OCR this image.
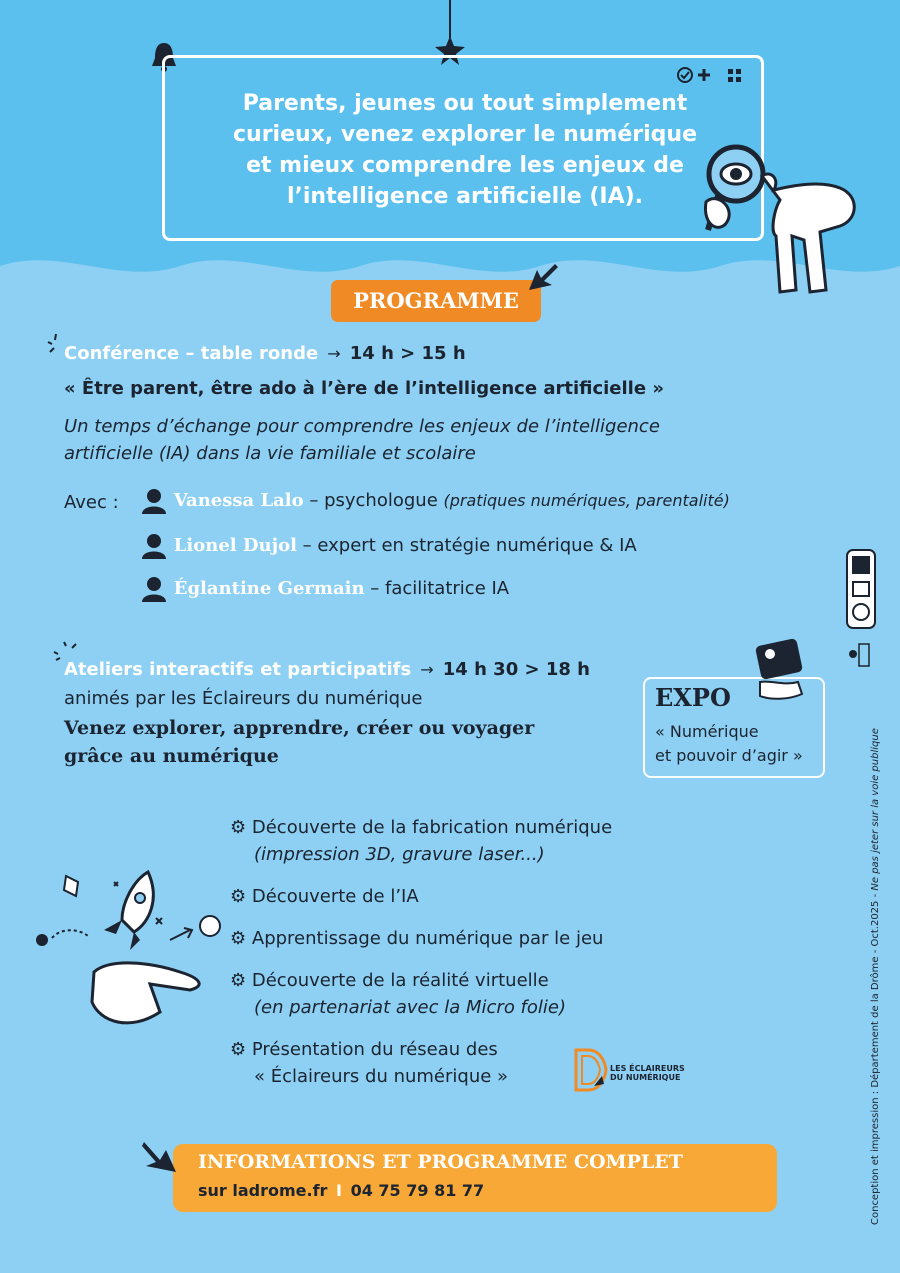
Parents, jeunes ou tout simplement
curieux, venez explorer le numérique
et mieux comprendre les enjeux de
l’intelligence artificielle (IA).
PROGRAMME
Conférence – table ronde → 14 h > 15 h
« Être parent, être ado à l’ère de l’intelligence artificielle »
Un temps d’échange pour comprendre les enjeux de l’intelligence
artificielle (IA) dans la vie familiale et scolaire
Avec :	Vanessa Lalo – psychologue (pratiques numériques, parentalité)
Lionel Dujol – expert en stratégie numérique & IA
Églantine Germain – facilitatrice IA
Ateliers interactifs et participatifs → 14 h 30 > 18 h
animés par les Éclaireurs du numérique
Venez explorer, apprendre, créer ou voyager
grâce au numérique
EXPO
« Numérique
et pouvoir d’agir »
⚙ Découverte de la fabrication numérique
(impression 3D, gravure laser...)
⚙ Découverte de l’IA
⚙ Apprentissage du numérique par le jeu
⚙ Découverte de la réalité virtuelle
(en partenariat avec la Micro folie)
⚙ Présentation du réseau des
« Éclaireurs du numérique »	LES ÉCLAIREURS
DU NUMÉRIQUE
INFORMATIONS ET PROGRAMME COMPLET
sur ladrome.fr I 04 75 79 81 77	Conception et impression : Département de la Drôme - Oct.2025 - Ne pas jeter sur la voie publique
